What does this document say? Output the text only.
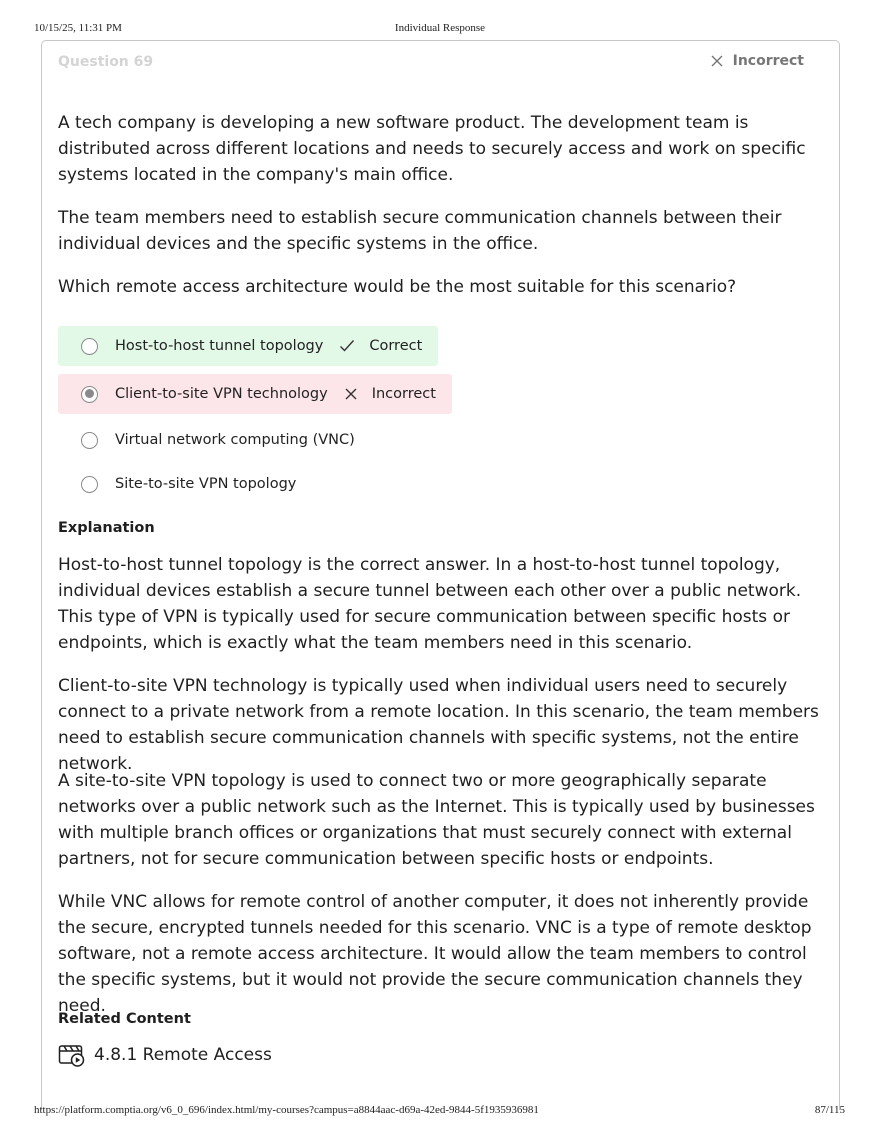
10/15/25, 11:31 PM	Individual Response
Question 69	Incorrect

A tech company is developing a new software product. The development team is distributed across different locations and needs to securely access and work on specific systems located in the company's main office.

The team members need to establish secure communication channels between their individual devices and the specific systems in the office.

Which remote access architecture would be the most suitable for this scenario?

Host-to-host tunnel topology	Correct
Client-to-site VPN technology	Incorrect
Virtual network computing (VNC)
Site-to-site VPN topology
Explanation

Host-to-host tunnel topology is the correct answer. In a host-to-host tunnel topology, individual devices establish a secure tunnel between each other over a public network. This type of VPN is typically used for secure communication between specific hosts or endpoints, which is exactly what the team members need in this scenario.

Client-to-site VPN technology is typically used when individual users need to securely connect to a private network from a remote location. In this scenario, the team members need to establish secure communication channels with specific systems, not the entire network.

A site-to-site VPN topology is used to connect two or more geographically separate networks over a public network such as the Internet. This is typically used by businesses with multiple branch offices or organizations that must securely connect with external partners, not for secure communication between specific hosts or endpoints.

While VNC allows for remote control of another computer, it does not inherently provide the secure, encrypted tunnels needed for this scenario. VNC is a type of remote desktop software, not a remote access architecture. It would allow the team members to control the specific systems, but it would not provide the secure communication channels they need.

Related Content
4.8.1 Remote Access
https://platform.comptia.org/v6_0_696/index.html/my-courses?campus=a8844aac-d69a-42ed-9844-5f1935936981	87/115
